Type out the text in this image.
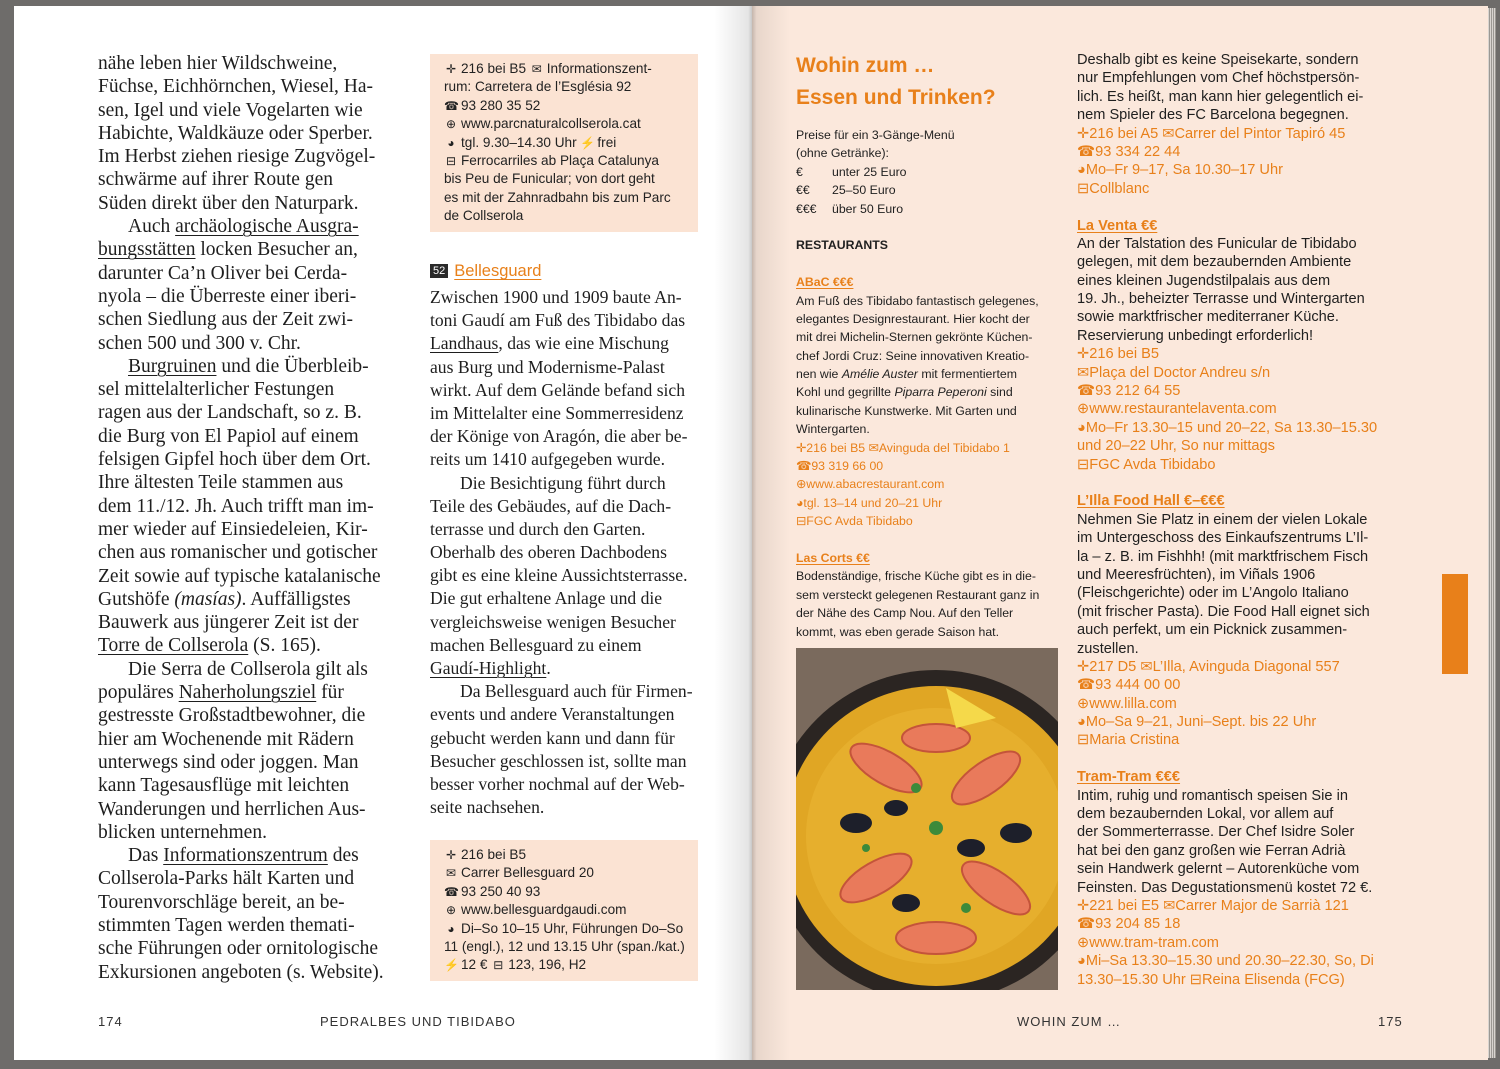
nähe leben hier Wildschweine,
Füchse, Eichhörnchen, Wiesel, Ha-
sen, Igel und viele Vogelarten wie
Habichte, Waldkäuze oder Sperber.
Im Herbst ziehen riesige Zugvögel-
schwärme auf ihrer Route gen
Süden direkt über den Naturpark.
Auch archäologische Ausgra-
bungsstätten locken Besucher an,
darunter Ca’n Oliver bei Cerda-
nyola – die Überreste einer iberi-
schen Siedlung aus der Zeit zwi-
schen 500 und 300 v. Chr.
Burgruinen und die Überbleib-
sel mittelalterlicher Festungen
ragen aus der Landschaft, so z. B.
die Burg von El Papiol auf einem
felsigen Gipfel hoch über dem Ort.
Ihre ältesten Teile stammen aus
dem 11./12. Jh. Auch trifft man im-
mer wieder auf Einsiedeleien, Kir-
chen aus romanischer und gotischer
Zeit sowie auf typische katalanische
Gutshöfe (masías). Auffälligstes
Bauwerk aus jüngerer Zeit ist der
Torre de Collserola (S. 165).
Die Serra de Collserola gilt als
populäres Naherholungsziel für
gestresste Großstadtbewohner, die
hier am Wochenende mit Rädern
unterwegs sind oder joggen. Man
kann Tagesausflüge mit leichten
Wanderungen und herrlichen Aus-
blicken unternehmen.
Das Informationszentrum des
Collserola-Parks hält Karten und
Tourenvorschläge bereit, an be-
stimmten Tagen werden themati-
sche Führungen oder ornitologische
Exkursionen angeboten (s. Website).
✛ 216 bei B5 ✉ Informationszent-
rum: Carretera de l’Església 92
☎ 93 280 35 52
⊕ www.parcnaturalcollserola.cat
◕ tgl. 9.30–14.30 Uhr ⚡ frei
⊟ Ferrocarriles ab Plaça Catalunya
bis Peu de Funicular; von dort geht
es mit der Zahnradbahn bis zum Parc
de Collserola
52 Bellesguard
Zwischen 1900 und 1909 baute An-
toni Gaudí am Fuß des Tibidabo das
Landhaus, das wie eine Mischung
aus Burg und Modernisme-Palast
wirkt. Auf dem Gelände befand sich
im Mittelalter eine Sommerresidenz
der Könige von Aragón, die aber be-
reits um 1410 aufgegeben wurde.
Die Besichtigung führt durch
Teile des Gebäudes, auf die Dach-
terrasse und durch den Garten.
Oberhalb des oberen Dachbodens
gibt es eine kleine Aussichtsterrasse.
Die gut erhaltene Anlage und die
vergleichsweise wenigen Besucher
machen Bellesguard zu einem
Gaudí-Highlight.
Da Bellesguard auch für Firmen-
events und andere Veranstaltungen
gebucht werden kann und dann für
Besucher geschlossen ist, sollte man
besser vorher nochmal auf der Web-
seite nachsehen.
✛ 216 bei B5
✉ Carrer Bellesguard 20
☎ 93 250 40 93
⊕ www.bellesguardgaudi.com
◕ Di–So 10–15 Uhr, Führungen Do–So
11 (engl.), 12 und 13.15 Uhr (span./kat.)
⚡ 12 € ⊟ 123, 196, H2
174	PEDRALBES UND TIBIDABO
Wohin zum …
Essen und Trinken?
Preise für ein 3-Gänge-Menü
(ohne Getränke):
€ unter 25 Euro
€€ 25–50 Euro
€€€ über 50 Euro

RESTAURANTS

ABaC €€€
Am Fuß des Tibidabo fantastisch gelegenes,
elegantes Designrestaurant. Hier kocht der
mit drei Michelin-Sternen gekrönte Küchen-
chef Jordi Cruz: Seine innovativen Kreatio-
nen wie Amélie Auster mit fermentiertem
Kohl und gegrillte Piparra Peperoni sind
kulinarische Kunstwerke. Mit Garten und
Wintergarten.
✛216 bei B5 ✉Avinguda del Tibidabo 1
☎93 319 66 00
⊕www.abacrestaurant.com
◕tgl. 13–14 und 20–21 Uhr
⊟FGC Avda Tibidabo

Las Corts €€
Bodenständige, frische Küche gibt es in die-
sem versteckt gelegenen Restaurant ganz in
der Nähe des Camp Nou. Auf den Teller
kommt, was eben gerade Saison hat.
Deshalb gibt es keine Speisekarte, sondern
nur Empfehlungen vom Chef höchstpersön-
lich. Es heißt, man kann hier gelegentlich ei-
nem Spieler des FC Barcelona begegnen.
✛216 bei A5 ✉Carrer del Pintor Tapiró 45
☎93 334 22 44
◕Mo–Fr 9–17, Sa 10.30–17 Uhr
⊟Collblanc

La Venta €€
An der Talstation des Funicular de Tibidabo
gelegen, mit dem bezaubernden Ambiente
eines kleinen Jugendstilpalais aus dem
19. Jh., beheizter Terrasse und Wintergarten
sowie marktfrischer mediterraner Küche.
Reservierung unbedingt erforderlich!
✛216 bei B5
✉Plaça del Doctor Andreu s/n
☎93 212 64 55
⊕www.restaurantelaventa.com
◕Mo–Fr 13.30–15 und 20–22, Sa 13.30–15.30
und 20–22 Uhr, So nur mittags
⊟FGC Avda Tibidabo

L’Illa Food Hall €–€€€
Nehmen Sie Platz in einem der vielen Lokale
im Untergeschoss des Einkaufszentrums L’Il-
la – z. B. im Fishhh! (mit marktfrischem Fisch
und Meeresfrüchten), im Viñals 1906
(Fleischgerichte) oder im L’Angolo Italiano
(mit frischer Pasta). Die Food Hall eignet sich
auch perfekt, um ein Picknick zusammen-
zustellen.
✛217 D5 ✉L’Illa, Avinguda Diagonal 557
☎93 444 00 00
⊕www.lilla.com
◕Mo–Sa 9–21, Juni–Sept. bis 22 Uhr
⊟Maria Cristina

Tram-Tram €€€
Intim, ruhig und romantisch speisen Sie in
dem bezaubernden Lokal, vor allem auf
der Sommerterrasse. Der Chef Isidre Soler
hat bei den ganz großen wie Ferran Adrià
sein Handwerk gelernt – Autorenküche vom
Feinsten. Das Degustationsmenü kostet 72 €.
✛221 bei E5 ✉Carrer Major de Sarrià 121
☎93 204 85 18
⊕www.tram-tram.com
◕Mi–Sa 13.30–15.30 und 20.30–22.30, So, Di
13.30–15.30 Uhr ⊟Reina Elisenda (FCG)
WOHIN ZUM …	175
